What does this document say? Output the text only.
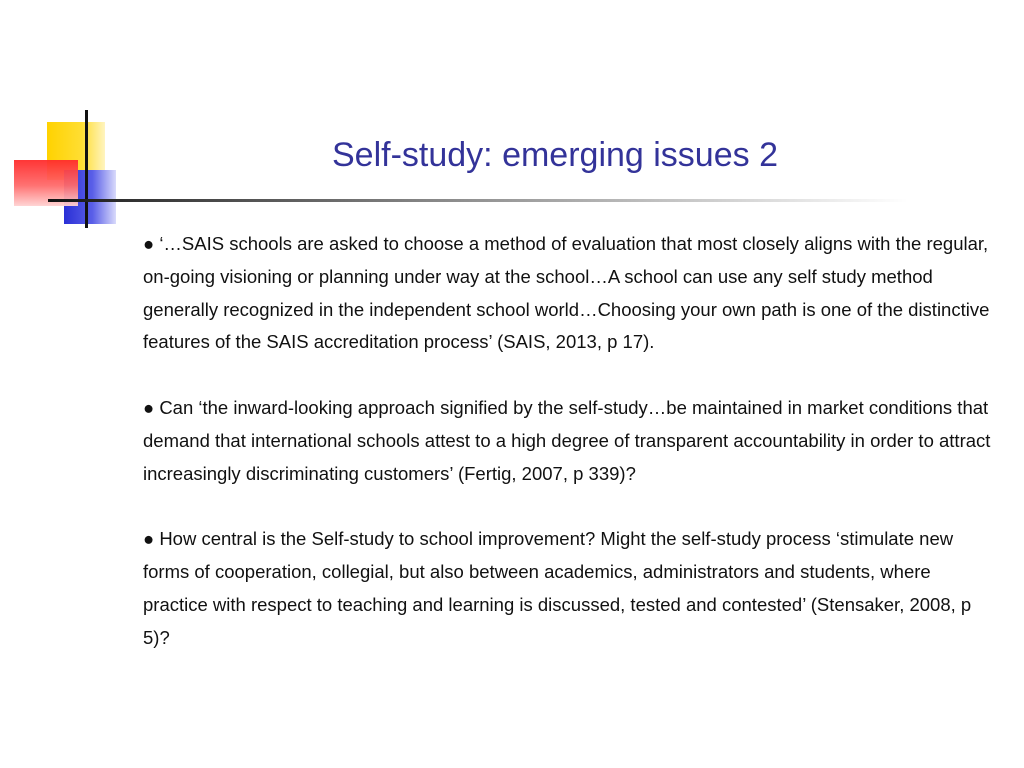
Self-study: emerging issues 2

● ‘…SAIS schools are asked to choose a method of evaluation that most closely aligns with the regular, on-going visioning or planning under way at the school…A school can use any self study method generally recognized in the independent school world…Choosing your own path is one of the distinctive features of the SAIS accreditation process’ (SAIS, 2013, p 17).

● Can ‘the inward-looking approach signified by the self-study…be maintained in market conditions that demand that international schools attest to a high degree of transparent accountability in order to attract increasingly discriminating customers’ (Fertig, 2007, p 339)?

● How central is the Self-study to school improvement? Might the self-study process ‘stimulate new forms of cooperation, collegial, but also between academics, administrators and students, where practice with respect to teaching and learning is discussed, tested and contested’ (Stensaker, 2008, p 5)?
